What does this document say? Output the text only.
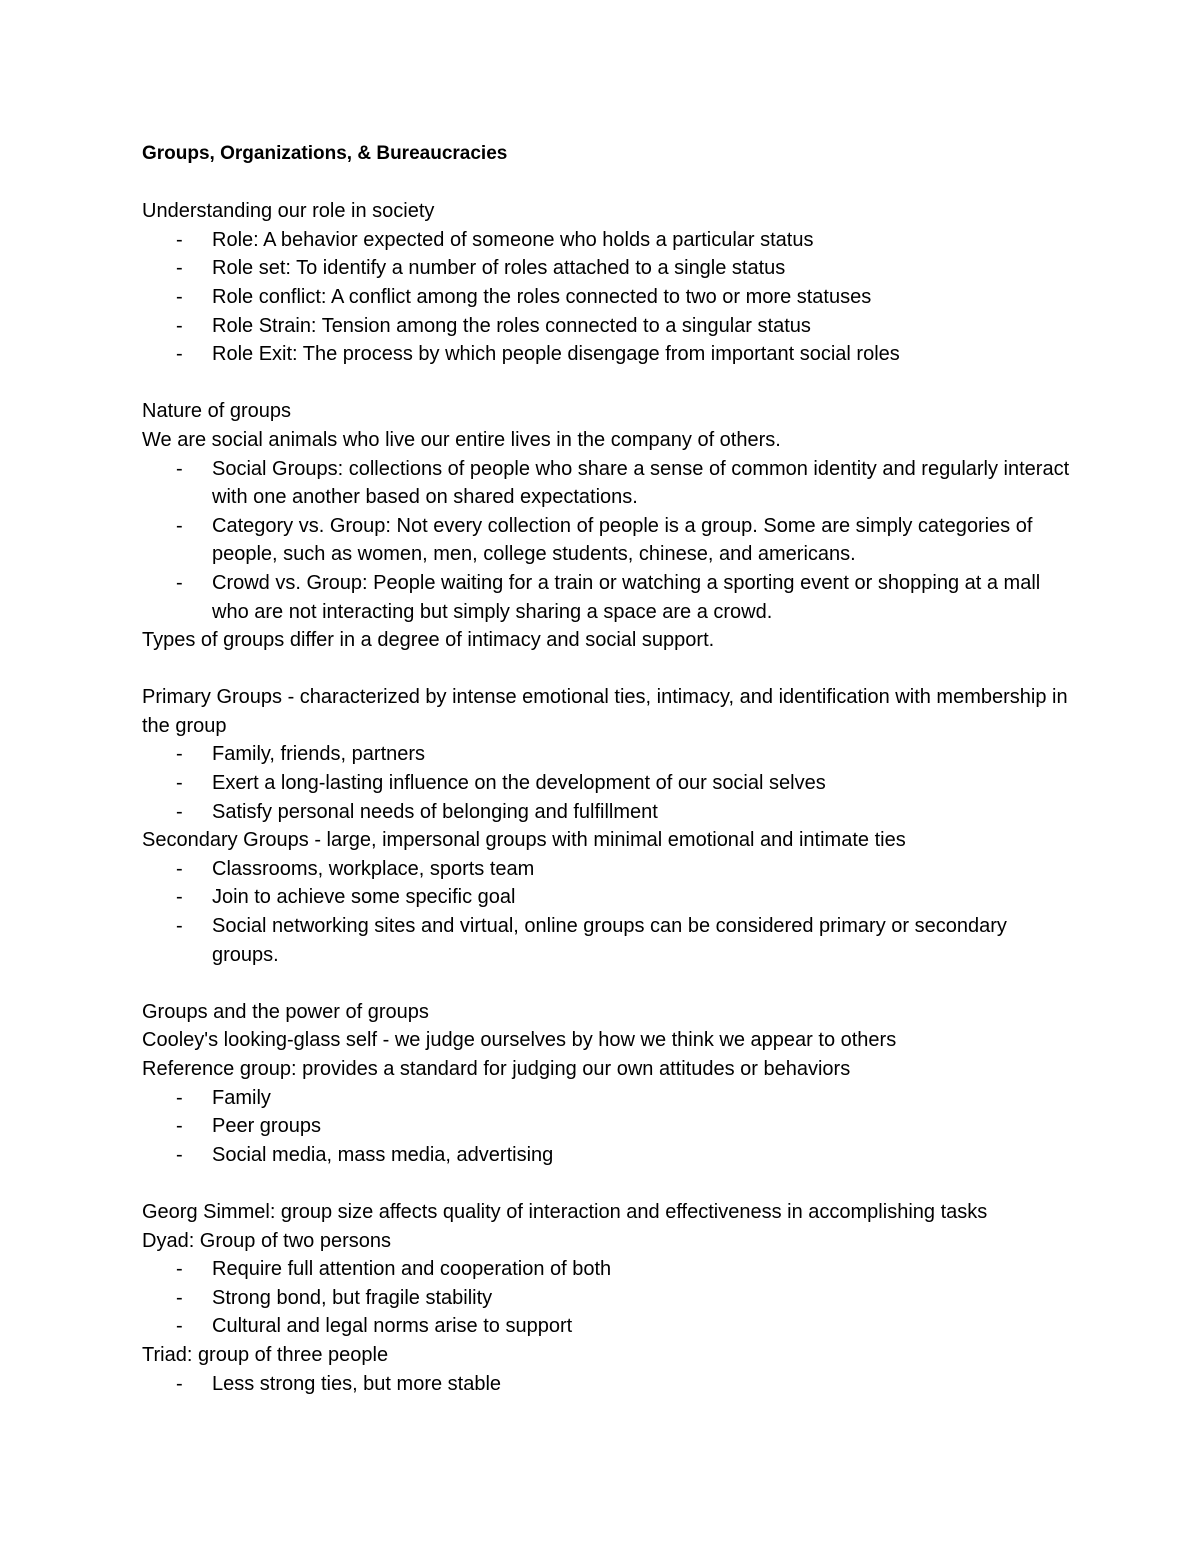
Groups, Organizations, & Bureaucracies
Understanding our role in society
- Role: A behavior expected of someone who holds a particular status
- Role set: To identify a number of roles attached to a single status
- Role conflict: A conflict among the roles connected to two or more statuses
- Role Strain: Tension among the roles connected to a singular status
- Role Exit: The process by which people disengage from important social roles
Nature of groups
We are social animals who live our entire lives in the company of others.
- Social Groups: collections of people who share a sense of common identity and regularly interact with one another based on shared expectations.
- Category vs. Group: Not every collection of people is a group. Some are simply categories of people, such as women, men, college students, chinese, and americans.
- Crowd vs. Group: People waiting for a train or watching a sporting event or shopping at a mall who are not interacting but simply sharing a space are a crowd.
Types of groups differ in a degree of intimacy and social support.
Primary Groups - characterized by intense emotional ties, intimacy, and identification with membership in the group
- Family, friends, partners
- Exert a long-lasting influence on the development of our social selves
- Satisfy personal needs of belonging and fulfillment
Secondary Groups - large, impersonal groups with minimal emotional and intimate ties
- Classrooms, workplace, sports team
- Join to achieve some specific goal
- Social networking sites and virtual, online groups can be considered primary or secondary groups.
Groups and the power of groups
Cooley's looking-glass self - we judge ourselves by how we think we appear to others
Reference group: provides a standard for judging our own attitudes or behaviors
- Family
- Peer groups
- Social media, mass media, advertising
Georg Simmel: group size affects quality of interaction and effectiveness in accomplishing tasks
Dyad: Group of two persons
- Require full attention and cooperation of both
- Strong bond, but fragile stability
- Cultural and legal norms arise to support
Triad: group of three people
- Less strong ties, but more stable
